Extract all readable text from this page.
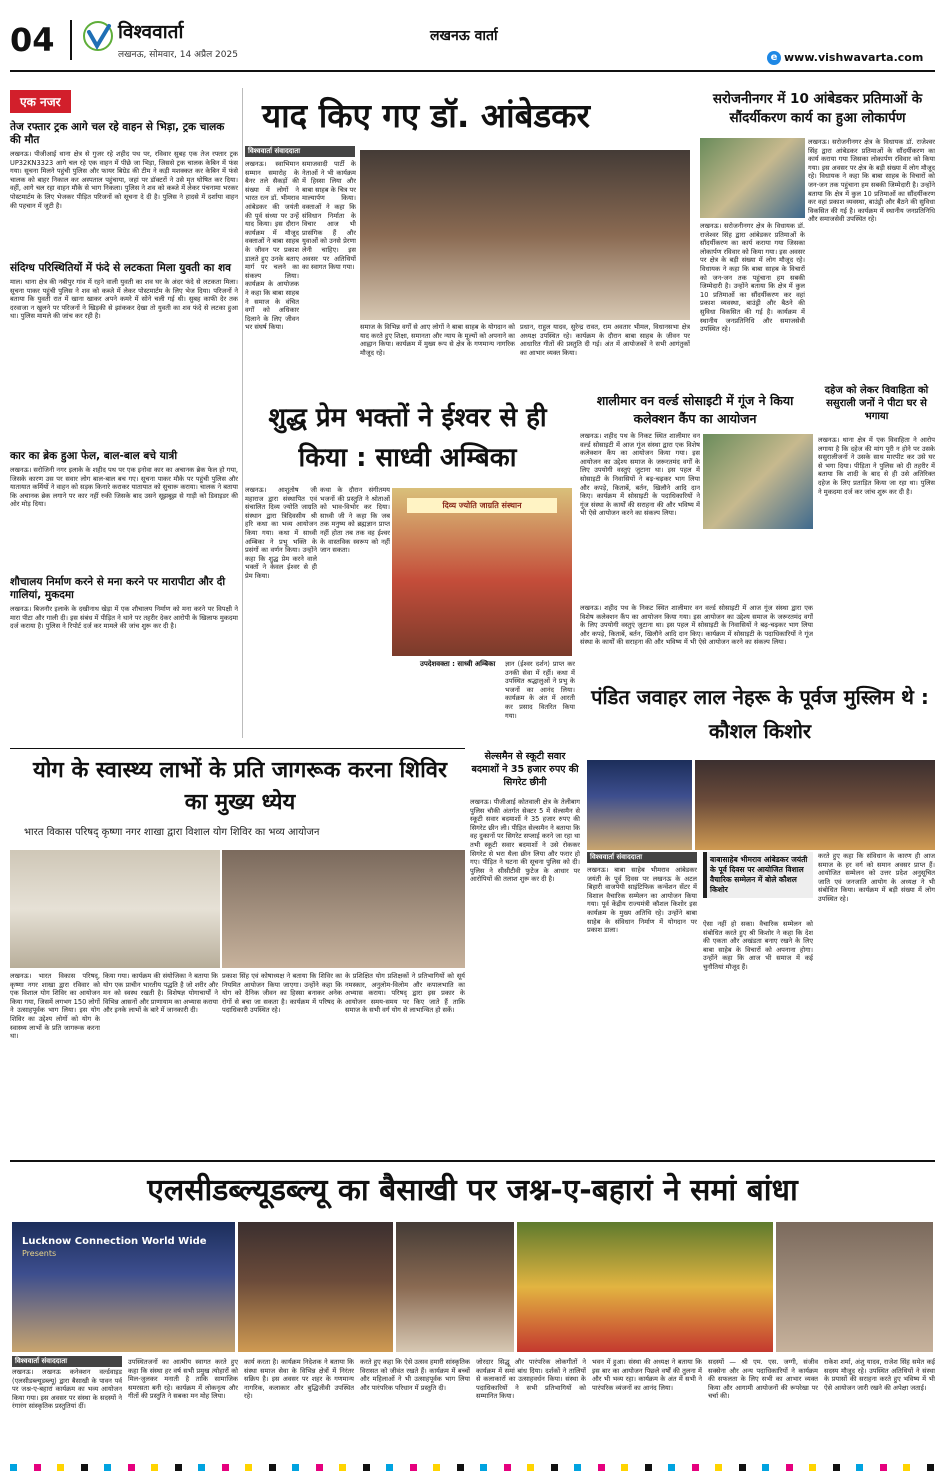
04	विश्ववार्ता
लखनऊ, सोमवार, 14 अप्रैल 2025
लखनऊ वार्ता
e www.vishwavarta.com
एक नजर
तेज रफ्तार ट्रक आगे चल रहे वाहन से भिड़ा, ट्रक चालक की मौत
लखनऊ। पीजीआई थाना क्षेत्र से गुजर रहे शहीद पथ पर, रविवार सुबह एक तेज रफ्तार ट्रक UP32KN3323 आगे चल रहे एक वाहन में पीछे जा भिड़ा, जिससे ट्रक चालक केबिन में फंस गया। सूचना मिलने पहुंची पुलिस और फायर बिग्रेड की टीम ने कड़ी मशक्कत कर केबिन में फंसे चालक को बाहर निकाल कर अस्पताल पहुंचाया, जहां पर डॉक्टरों ने उसे मृत घोषित कर दिया। वहीं, आगे चल रहा वाहन मौके से भाग निकला। पुलिस ने शव को कब्जे में लेकर पंचनामा भरकर पोस्टमार्टम के लिए भेजकर पीड़ित परिजनों को सूचना दे दी है। पुलिस ने हादसे में दर्शाया वाहन की पहचान में जुटी है।
संदिग्ध परिस्थितियों में फंदे से लटकता मिला युवती का शव
माल। थाना क्षेत्र की नबीपुर गांव में रहने वाली युवती का शव घर के अंदर फंदे से लटकता मिला। सूचना पाकर पहुंची पुलिस ने शव को कब्जे में लेकर पोस्टमार्टम के लिए भेज दिया। परिजनों ने बताया कि युवती रात में खाना खाकर अपने कमरे में सोने चली गई थी। सुबह काफी देर तक दरवाजा न खुलने पर परिजनों ने खिड़की से झांककर देखा तो युवती का शव फंदे से लटका हुआ था। पुलिस मामले की जांच कर रही है।
कार का ब्रेक हुआ फेल, बाल-बाल बचे यात्री
लखनऊ। सरोजिनी नगर इलाके के शहीद पथ पर एक इनोवा कार का अचानक ब्रेक फेल हो गया, जिसके कारण उस पर सवार लोग बाल-बाल बच गए। सूचना पाकर मौके पर पहुंची पुलिस और यातायात कर्मियों ने वाहन को सड़क किनारे कराकर यातायात को सुचारू कराया। चालक ने बताया कि अचानक ब्रेक लगाने पर कार नहीं रुकी जिसके बाद उसने सूझबूझ से गाड़ी को डिवाइडर की ओर मोड़ दिया।
शौचालय निर्माण करने से मना करने पर मारापीटा और दी गालियां, मुकदमा
लखनऊ। बिजनौर इलाके के दखीनाथ खेड़ा में एक शौचालय निर्माण को मना करने पर विपक्षी ने मारा पीटा और गाली दी। इस संबंध में पीड़ित ने थाने पर तहरीर देकर आरोपी के खिलाफ मुकदमा दर्ज कराया है। पुलिस ने रिपोर्ट दर्ज कर मामले की जांच शुरू कर दी है।
याद किए गए डॉ. आंबेडकर
विश्ववार्ता संवाददाता
लखनऊ। स्वाभिमान सम्मान समारोह के बैनर तले सैकड़ों की संख्या में लोगों ने भारत रत्न डॉ. भीमराव आंबेडकर की जयंती की पूर्व संध्या पर उन्हें याद किया। इस दौरान कार्यक्रम में मौजूद वक्ताओं ने बाबा साहब के जीवन पर प्रकाश डालते हुए उनके बताए मार्ग पर चलने का संकल्प लिया। कार्यक्रम के आयोजक ने कहा कि बाबा साहब ने समाज के वंचित वर्गों को अधिकार दिलाने के लिए जीवन भर संघर्ष किया।
समाजवादी पार्टी के नेताओं ने भी कार्यक्रम में हिस्सा लिया और बाबा साहब के चित्र पर माल्यार्पण किया। वक्ताओं ने कहा कि संविधान निर्माता के विचार आज भी प्रासंगिक हैं और युवाओं को उनसे प्रेरणा लेनी चाहिए। इस अवसर पर अतिथियों का स्वागत किया गया।
समाज के विभिन्न वर्गों से आए लोगों ने बाबा साहब के योगदान को याद करते हुए शिक्षा, समानता और न्याय के मूल्यों को अपनाने का आह्वान किया। कार्यक्रम में मुख्य रूप से क्षेत्र के गणमान्य नागरिक मौजूद रहे।
प्रधान, राहुल यादव, सुरेन्द्र रावत, राम अवतार भीमल, विधानसभा क्षेत्र अध्यक्ष उपस्थित रहे। कार्यक्रम के दौरान बाबा साहब के जीवन पर आधारित गीतों की प्रस्तुति दी गई। अंत में आयोजकों ने सभी आगंतुकों का आभार व्यक्त किया।
सरोजनीनगर में 10 आंबेडकर प्रतिमाओं के सौंदर्यीकरण कार्य का हुआ लोकार्पण
लखनऊ। सरोजनीनगर क्षेत्र के विधायक डॉ. राजेश्वर सिंह द्वारा आंबेडकर प्रतिमाओं के सौंदर्यीकरण का कार्य कराया गया जिसका लोकार्पण रविवार को किया गया। इस अवसर पर क्षेत्र के बड़ी संख्या में लोग मौजूद रहे। विधायक ने कहा कि बाबा साहब के विचारों को जन-जन तक पहुंचाना हम सबकी जिम्मेदारी है। उन्होंने बताया कि क्षेत्र में कुल 10 प्रतिमाओं का सौंदर्यीकरण कर वहां प्रकाश व्यवस्था, बाउंड्री और बैठने की सुविधा विकसित की गई है। कार्यक्रम में स्थानीय जनप्रतिनिधि और समाजसेवी उपस्थित रहे।
लखनऊ। सरोजनीनगर क्षेत्र के विधायक डॉ. राजेश्वर सिंह द्वारा आंबेडकर प्रतिमाओं के सौंदर्यीकरण का कार्य कराया गया जिसका लोकार्पण रविवार को किया गया। इस अवसर पर क्षेत्र के बड़ी संख्या में लोग मौजूद रहे। विधायक ने कहा कि बाबा साहब के विचारों को जन-जन तक पहुंचाना हम सबकी जिम्मेदारी है। उन्होंने बताया कि क्षेत्र में कुल 10 प्रतिमाओं का सौंदर्यीकरण कर वहां प्रकाश व्यवस्था, बाउंड्री और बैठने की सुविधा विकसित की गई है। कार्यक्रम में स्थानीय जनप्रतिनिधि और समाजसेवी उपस्थित रहे।
शालीमार वन वर्ल्ड सोसाइटी में गूंज ने किया कलेक्शन कैंप का आयोजन
लखनऊ। शहीद पथ के निकट स्थित शालीमार वन वर्ल्ड सोसाइटी में आज गूंज संस्था द्वारा एक विशेष कलेक्शन कैंप का आयोजन किया गया। इस आयोजन का उद्देश्य समाज के जरूरतमंद वर्गों के लिए उपयोगी वस्तुएं जुटाना था। इस पहल में सोसाइटी के निवासियों ने बढ़-चढ़कर भाग लिया और कपड़े, किताबें, बर्तन, खिलौने आदि दान किए। कार्यक्रम में सोसाइटी के पदाधिकारियों ने गूंज संस्था के कार्यों की सराहना की और भविष्य में भी ऐसे आयोजन करने का संकल्प लिया।
लखनऊ। शहीद पथ के निकट स्थित शालीमार वन वर्ल्ड सोसाइटी में आज गूंज संस्था द्वारा एक विशेष कलेक्शन कैंप का आयोजन किया गया। इस आयोजन का उद्देश्य समाज के जरूरतमंद वर्गों के लिए उपयोगी वस्तुएं जुटाना था। इस पहल में सोसाइटी के निवासियों ने बढ़-चढ़कर भाग लिया और कपड़े, किताबें, बर्तन, खिलौने आदि दान किए। कार्यक्रम में सोसाइटी के पदाधिकारियों ने गूंज संस्था के कार्यों की सराहना की और भविष्य में भी ऐसे आयोजन करने का संकल्प लिया।
दहेज को लेकर विवाहिता को ससुराली जनों ने पीटा घर से भगाया
लखनऊ। थाना क्षेत्र में एक विवाहिता ने आरोप लगाया है कि दहेज की मांग पूरी न होने पर उसके ससुरालीजनों ने उसके साथ मारपीट कर उसे घर से भगा दिया। पीड़िता ने पुलिस को दी तहरीर में बताया कि शादी के बाद से ही उसे अतिरिक्त दहेज के लिए प्रताड़ित किया जा रहा था। पुलिस ने मुकदमा दर्ज कर जांच शुरू कर दी है।
शुद्ध प्रेम भक्तों ने ईश्वर से ही किया : साध्वी अम्बिका
दिव्य ज्योति जाग्रति संस्थान
लखनऊ। आशुतोष जी महाराज द्वारा संस्थापित एवं संचालित दिव्य ज्योति जाग्रति संस्थान द्वारा त्रिदिवसीय श्री हरि कथा का भव्य आयोजन किया गया। कथा में साध्वी अम्बिका ने प्रभु भक्ति के प्रसंगों का वर्णन किया। उन्होंने कहा कि शुद्ध प्रेम करने वाले भक्तों ने केवल ईश्वर से ही प्रेम किया।
कथा के दौरान संगीतमय भजनों की प्रस्तुति ने श्रोताओं को भाव-विभोर कर दिया। साध्वी जी ने कहा कि जब तक मनुष्य को ब्रह्मज्ञान प्राप्त नहीं होता तब तक वह ईश्वर के वास्तविक स्वरूप को नहीं जान सकता।
उपदेशवक्ता : साध्वी अम्बिका	ज्ञान (ईश्वर दर्शन) प्राप्त कर उनकी सेवा में रहीं। कथा में उपस्थित श्रद्धालुओं ने प्रभु के भजनों का आनंद लिया। कार्यक्रम के अंत में आरती कर प्रसाद वितरित किया गया।
पंडित जवाहर लाल नेहरू के पूर्वज मुस्लिम थे : कौशल किशोर
विश्ववार्ता संवाददाता	बाबासाहेब भीमराव आंबेडकर जयंती के पूर्व दिवस पर आयोजित विशाल वैचारिक सम्मेलन में बोले कौशल किशोर
लखनऊ। बाबा साहेब भीमराव आंबेडकर जयंती के पूर्व दिवस पर लखनऊ के अटल बिहारी वाजपेयी साइंटिफिक कन्वेंशन सेंटर में विशाल वैचारिक सम्मेलन का आयोजन किया गया। पूर्व केंद्रीय राज्यमंत्री कौशल किशोर इस कार्यक्रम के मुख्य अतिथि रहे। उन्होंने बाबा साहेब के संविधान निर्माण में योगदान पर प्रकाश डाला।
ऐसा नहीं हो सका। वैचारिक सम्मेलन को संबोधित करते हुए श्री किशोर ने कहा कि देश की एकता और अखंडता बनाए रखने के लिए बाबा साहेब के विचारों को अपनाना होगा। उन्होंने कहा कि आज भी समाज में कई चुनौतियां मौजूद हैं।
करते हुए कहा कि संविधान के कारण ही आज समाज के हर वर्ग को समान अवसर प्राप्त हैं। आयोजित सम्मेलन को उत्तर प्रदेश अनुसूचित जाति एवं जनजाति आयोग के अध्यक्ष ने भी संबोधित किया। कार्यक्रम में बड़ी संख्या में लोग उपस्थित रहे।
सेल्समैन से स्कूटी सवार बदमाशों ने 35 हजार रुपए की सिगरेट छीनी
लखनऊ। पीजीआई कोतवाली क्षेत्र के तेलीबाग पुलिस चौकी अंतर्गत सेक्टर 5 में सेल्समैन से स्कूटी सवार बदमाशों ने 35 हजार रुपए की सिगरेट छीन ली। पीड़ित सेल्समैन ने बताया कि वह दुकानों पर सिगरेट सप्लाई करने जा रहा था तभी स्कूटी सवार बदमाशों ने उसे रोककर सिगरेट से भरा थैला छीन लिया और फरार हो गए। पीड़ित ने घटना की सूचना पुलिस को दी। पुलिस ने सीसीटीवी फुटेज के आधार पर आरोपियों की तलाश शुरू कर दी है।
योग के स्वास्थ्य लाभों के प्रति जागरूक करना शिविर का मुख्य ध्येय
भारत विकास परिषद् कृष्णा नगर शाखा द्वारा विशाल योग शिविर का भव्य आयोजन
लखनऊ। भारत विकास परिषद्, कृष्णा नगर शाखा द्वारा रविवार को एक विशाल योग शिविर का आयोजन किया गया, जिसमें लगभग 150 लोगों ने उत्साहपूर्वक भाग लिया। इस योग शिविर का उद्देश्य लोगों को योग के स्वास्थ्य लाभों के प्रति जागरूक करना था।
किया गया। कार्यक्रम की संयोजिका ने बताया कि योग एक प्राचीन भारतीय पद्धति है जो शरीर और मन को स्वस्थ रखती है। विशेषज्ञ योगाचार्यों ने विभिन्न आसनों और प्राणायाम का अभ्यास कराया और इनके लाभों के बारे में जानकारी दी।
प्रकाश सिंह एवं कोषाध्यक्ष ने बताया कि शिविर का नियमित आयोजन किया जाएगा। उन्होंने कहा कि योग को दैनिक जीवन का हिस्सा बनाकर अनेक रोगों से बचा जा सकता है। कार्यक्रम में परिषद के पदाधिकारी उपस्थित रहे।
के प्रशिक्षित योग प्रशिक्षकों ने प्रतिभागियों को सूर्य नमस्कार, अनुलोम-विलोम और कपालभाति का अभ्यास कराया। परिषद् द्वारा इस प्रकार के आयोजन समय-समय पर किए जाते हैं ताकि समाज के सभी वर्ग योग से लाभान्वित हो सकें।
एलसीडब्ल्यूडब्ल्यू का बैसाखी पर जश्न-ए-बहारां ने समां बांधा
Lucknow Connection World Wide
Presents
विश्ववार्ता संवाददाता
लखनऊ। लखनऊ कनेक्शन वर्ल्डवाइड (एलसीडब्ल्यूडब्ल्यू) द्वारा बैसाखी के पावन पर्व पर जश्न-ए-बहारां कार्यक्रम का भव्य आयोजन किया गया। इस अवसर पर संस्था के सदस्यों ने रंगारंग सांस्कृतिक प्रस्तुतियां दीं।
उपस्थितजनों का आत्मीय स्वागत करते हुए कहा कि संस्था हर वर्ष सभी प्रमुख त्योहारों को मिल-जुलकर मनाती है ताकि सामाजिक समरसता बनी रहे। कार्यक्रम में लोकनृत्य और गीतों की प्रस्तुति ने सबका मन मोह लिया।
कार्य करता है। कार्यक्रम निदेशक ने बताया कि संस्था समाज सेवा के विभिन्न क्षेत्रों में निरंतर सक्रिय है। इस अवसर पर शहर के गणमान्य नागरिक, कलाकार और बुद्धिजीवी उपस्थित रहे।
करते हुए कहा कि ऐसे उत्सव हमारी सांस्कृतिक विरासत को जीवंत रखते हैं। कार्यक्रम में बच्चों और महिलाओं ने भी उत्साहपूर्वक भाग लिया और पारंपरिक परिधान में प्रस्तुति दी।
जोरदार सिद्धू और पारंपरिक लोकगीतों ने कार्यक्रम में समां बांध दिया। दर्शकों ने तालियों से कलाकारों का उत्साहवर्धन किया। संस्था के पदाधिकारियों ने सभी प्रतिभागियों को सम्मानित किया।
भवन में हुआ। संस्था की अध्यक्ष ने बताया कि इस बार का आयोजन पिछले वर्षों की तुलना में और भी भव्य रहा। कार्यक्रम के अंत में सभी ने पारंपरिक व्यंजनों का आनंद लिया।
सदस्यों — श्री एम. एस. जग्गी, संजीव सक्सेना और अन्य पदाधिकारियों ने कार्यक्रम की सफलता के लिए सभी का आभार व्यक्त किया और आगामी आयोजनों की रूपरेखा पर चर्चा की।
राकेश शर्मा, अंशु यादव, राजेश सिंह समेत कई सदस्य मौजूद रहे। उपस्थित अतिथियों ने संस्था के प्रयासों की सराहना करते हुए भविष्य में भी ऐसे आयोजन जारी रखने की अपेक्षा जताई।
